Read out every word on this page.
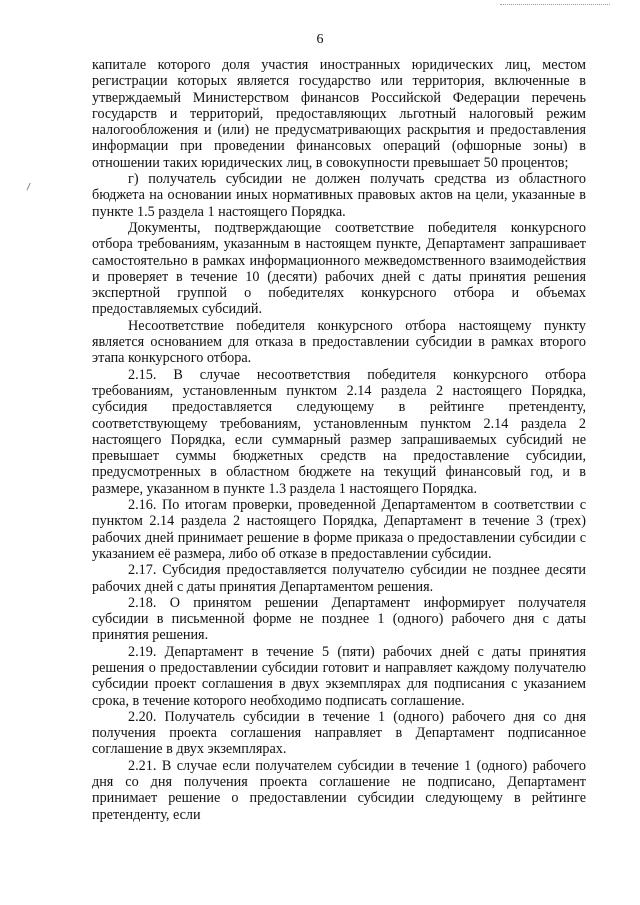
6

капитале которого доля участия иностранных юридических лиц, местом регистрации которых является государство или территория, включенные в утверждаемый Министерством финансов Российской Федерации перечень государств и территорий, предоставляющих льготный налоговый режим налогообложения и (или) не предусматривающих раскрытия и предоставления информации при проведении финансовых операций (офшорные зоны) в отношении таких юридических лиц, в совокупности превышает 50 процентов;

г) получатель субсидии не должен получать средства из областного бюджета на основании иных нормативных правовых актов на цели, указанные в пункте 1.5 раздела 1 настоящего Порядка.

Документы, подтверждающие соответствие победителя конкурсного отбора требованиям, указанным в настоящем пункте, Департамент запрашивает самостоятельно в рамках информационного межведомственного взаимодействия и проверяет в течение 10 (десяти) рабочих дней с даты принятия решения экспертной группой о победителях конкурсного отбора и объемах предоставляемых субсидий.

Несоответствие победителя конкурсного отбора настоящему пункту является основанием для отказа в предоставлении субсидии в рамках второго этапа конкурсного отбора.

2.15. В случае несоответствия победителя конкурсного отбора требованиям, установленным пунктом 2.14 раздела 2 настоящего Порядка, субсидия предоставляется следующему в рейтинге претенденту, соответствующему требованиям, установленным пунктом 2.14 раздела 2 настоящего Порядка, если суммарный размер запрашиваемых субсидий не превышает суммы бюджетных средств на предоставление субсидии, предусмотренных в областном бюджете на текущий финансовый год, и в размере, указанном в пункте 1.3 раздела 1 настоящего Порядка.

2.16. По итогам проверки, проведенной Департаментом в соответствии с пунктом 2.14 раздела 2 настоящего Порядка, Департамент в течение 3 (трех) рабочих дней принимает решение в форме приказа о предоставлении субсидии с указанием её размера, либо об отказе в предоставлении субсидии.

2.17. Субсидия предоставляется получателю субсидии не позднее десяти рабочих дней с даты принятия Департаментом решения.

2.18. О принятом решении Департамент информирует получателя субсидии в письменной форме не позднее 1 (одного) рабочего дня с даты принятия решения.

2.19. Департамент в течение 5 (пяти) рабочих дней с даты принятия решения о предоставлении субсидии готовит и направляет каждому получателю субсидии проект соглашения в двух экземплярах для подписания с указанием срока, в течение которого необходимо подписать соглашение.

2.20. Получатель субсидии в течение 1 (одного) рабочего дня со дня получения проекта соглашения направляет в Департамент подписанное соглашение в двух экземплярах.

2.21. В случае если получателем субсидии в течение 1 (одного) рабочего дня со дня получения проекта соглашение не подписано, Департамент принимает решение о предоставлении субсидии следующему в рейтинге претенденту, если
